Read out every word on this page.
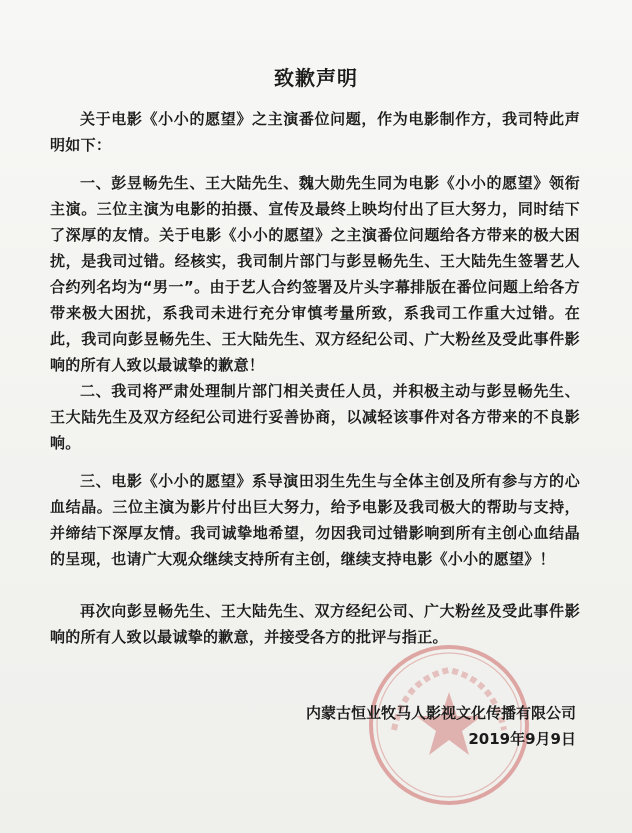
致歉声明
关于电影《小小的愿望》之主演番位问题，作为电影制作方，我司特此声明如下：
一、彭昱畅先生、王大陆先生、魏大勋先生同为电影《小小的愿望》领衔主演。三位主演为电影的拍摄、宣传及最终上映均付出了巨大努力，同时结下了深厚的友情。关于电影《小小的愿望》之主演番位问题给各方带来的极大困扰，是我司过错。经核实，我司制片部门与彭昱畅先生、王大陆先生签署艺人合约列名均为“男一”。由于艺人合约签署及片头字幕排版在番位问题上给各方带来极大困扰，系我司未进行充分审慎考量所致，系我司工作重大过错。在此，我司向彭昱畅先生、王大陆先生、双方经纪公司、广大粉丝及受此事件影响的所有人致以最诚挚的歉意！
二、我司将严肃处理制片部门相关责任人员，并积极主动与彭昱畅先生、王大陆先生及双方经纪公司进行妥善协商，以减轻该事件对各方带来的不良影响。
三、电影《小小的愿望》系导演田羽生先生与全体主创及所有参与方的心血结晶。三位主演为影片付出巨大努力，给予电影及我司极大的帮助与支持，并缔结下深厚友情。我司诚挚地希望，勿因我司过错影响到所有主创心血结晶的呈现，也请广大观众继续支持所有主创，继续支持电影《小小的愿望》！
再次向彭昱畅先生、王大陆先生、双方经纪公司、广大粉丝及受此事件影响的所有人致以最诚挚的歉意，并接受各方的批评与指正。
内蒙古恒业牧马人影视文化传播有限公司
2019年9月9日
